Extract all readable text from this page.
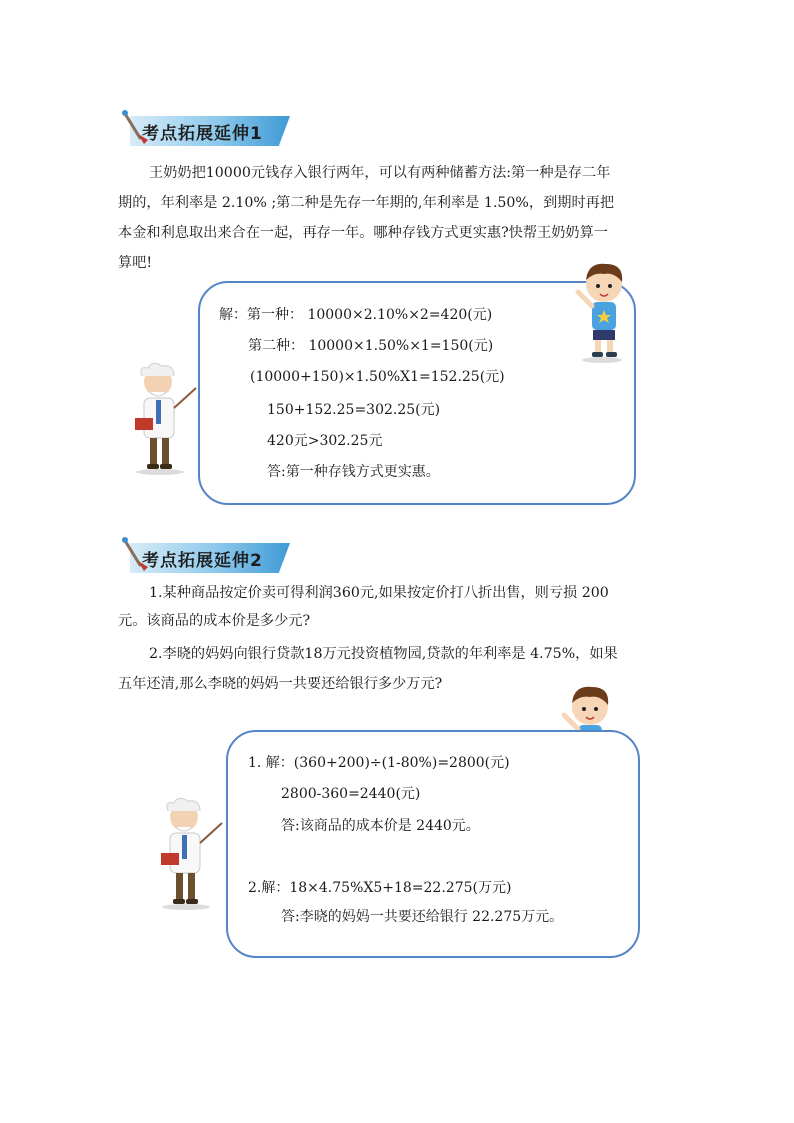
考点拓展延伸1
王奶奶把10000元钱存入银行两年，可以有两种储蓄方法:第一种是存二年
期的，年利率是 2.10% ;第二种是先存一年期的,年利率是 1.50%，到期时再把
本金和利息取出来合在一起，再存一年。哪种存钱方式更实惠?快帮王奶奶算一
算吧!
解：第一种： 10000×2.10%×2=420(元)
第二种： 10000×1.50%×1=150(元)
(10000+150)×1.50%X1=152.25(元)
150+152.25=302.25(元)
420元>302.25元
答:第一种存钱方式更实惠。
考点拓展延伸2
1.某种商品按定价卖可得利润360元,如果按定价打八折出售，则亏损 200
元。该商品的成本价是多少元?
2.李晓的妈妈向银行贷款18万元投资植物园,贷款的年利率是 4.75%，如果
五年还清,那么李晓的妈妈一共要还给银行多少万元?
1. 解：(360+200)÷(1-80%)=2800(元)
2800-360=2440(元)
答:该商品的成本价是 2440元。
2.解：18×4.75%X5+18=22.275(万元)
答:李晓的妈妈一共要还给银行 22.275万元。
